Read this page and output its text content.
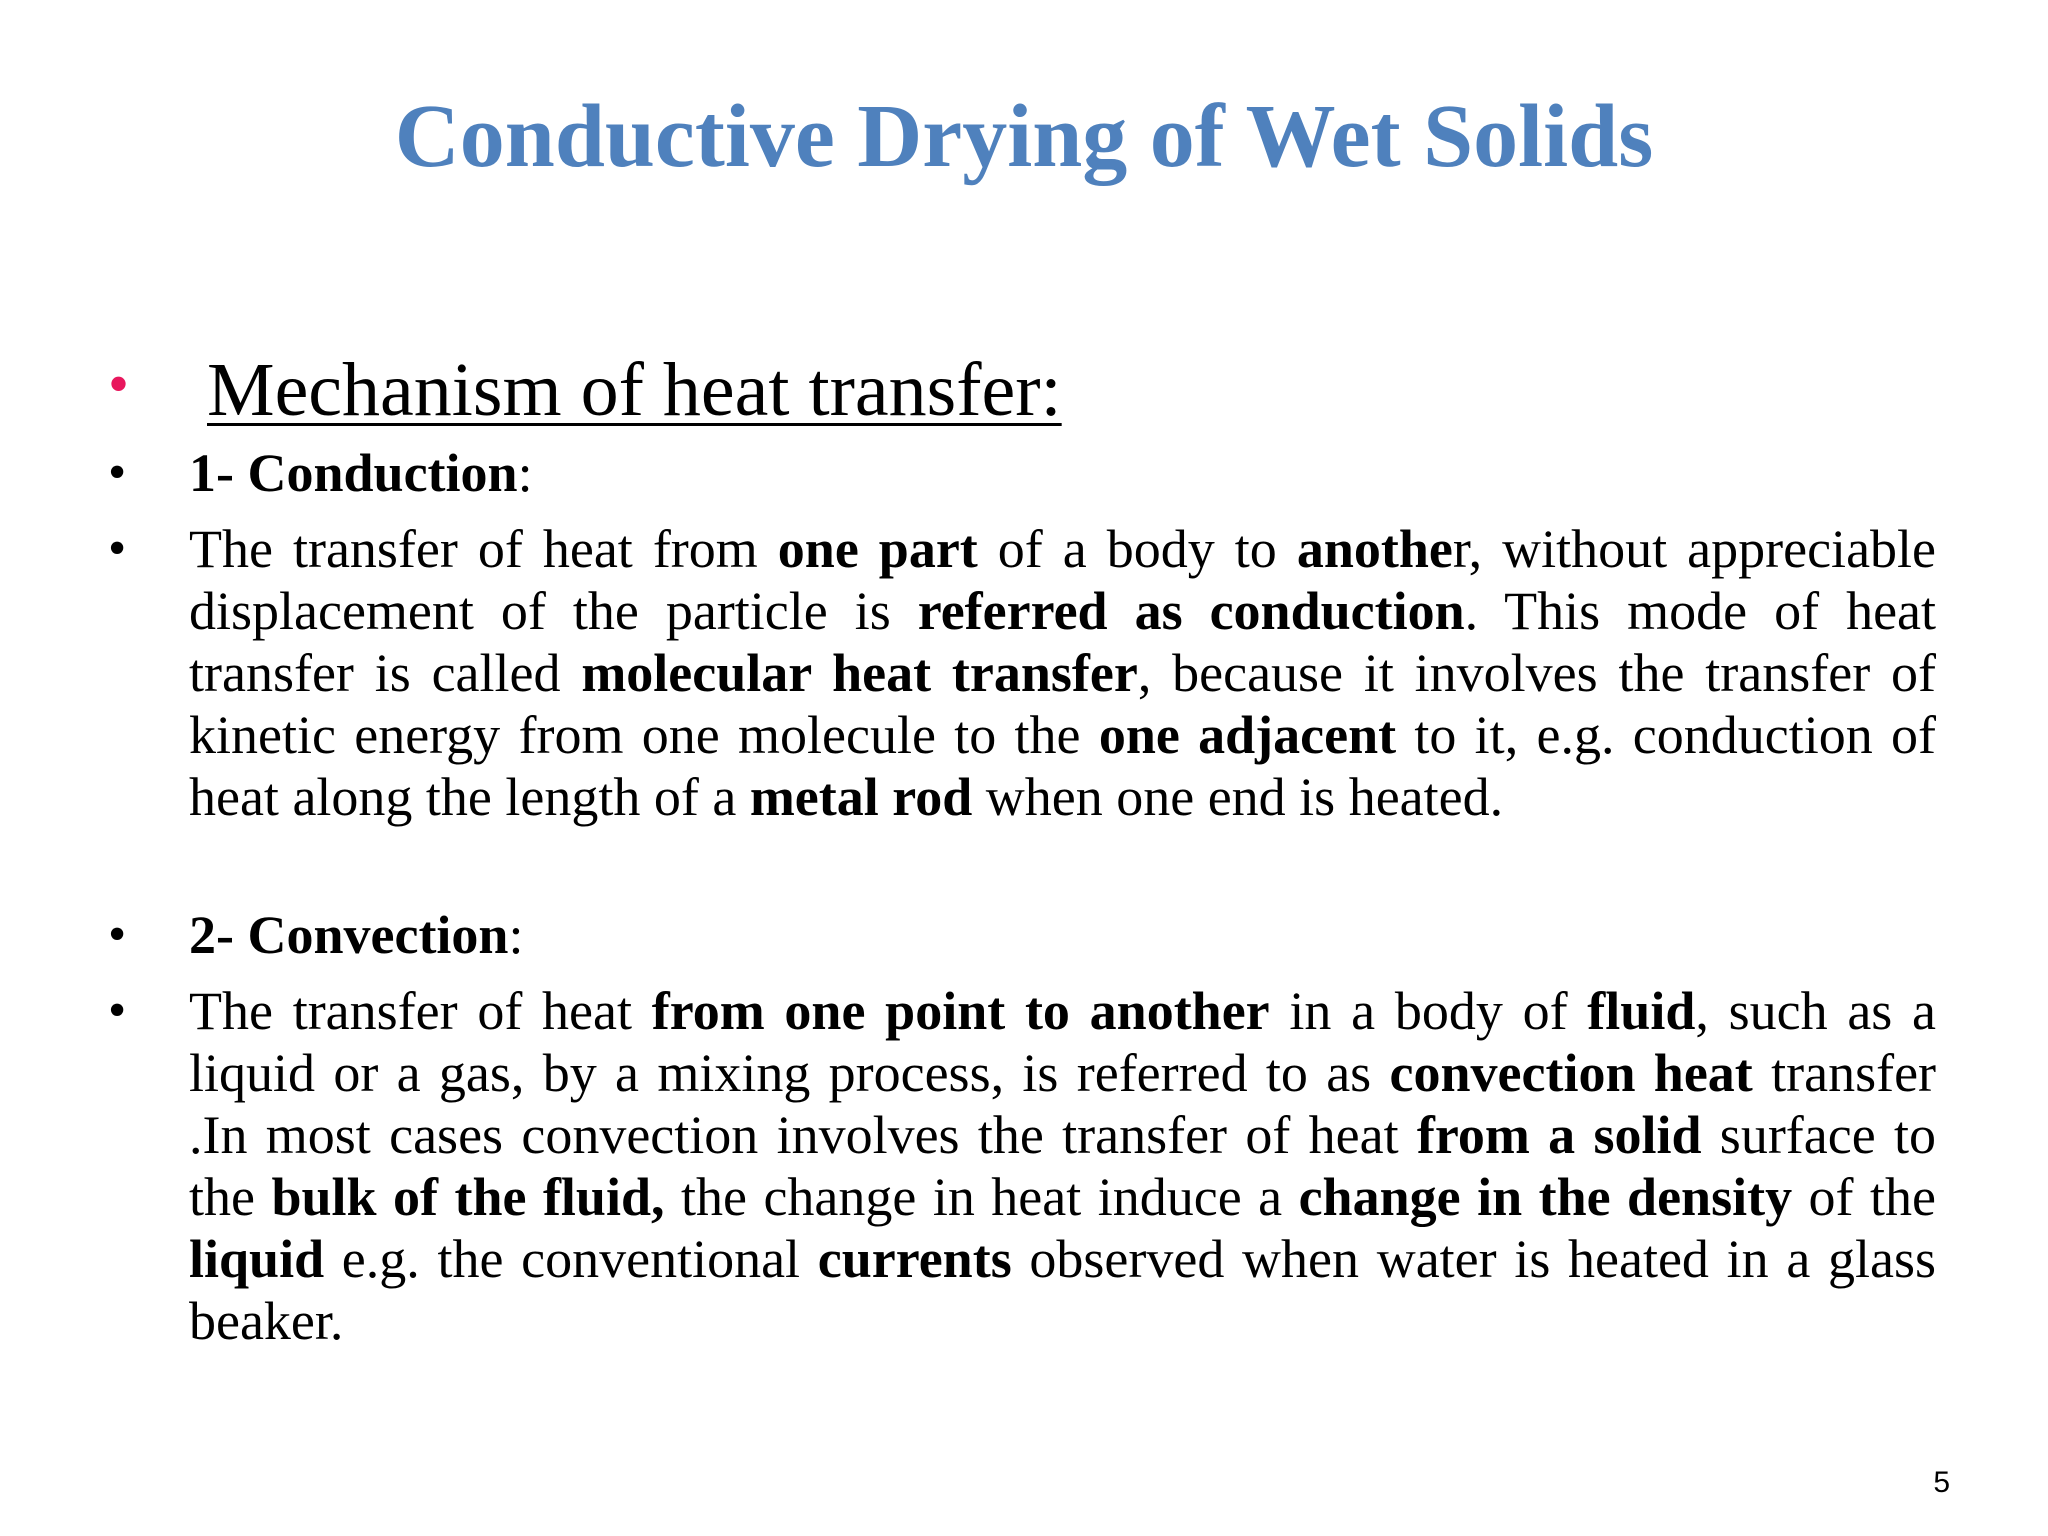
Conductive Drying of Wet Solids
• Mechanism of heat transfer:
• 1- Conduction:
• The transfer of heat from one part of a body to another, without appreciable displacement of the particle is referred as conduction. This mode of heat transfer is called molecular heat transfer, because it involves the transfer of kinetic energy from one molecule to the one adjacent to it, e.g. conduction of heat along the length of a metal rod when one end is heated.
• 2- Convection:
• The transfer of heat from one point to another in a body of fluid, such as a liquid or a gas, by a mixing process, is referred to as convection heat transfer .In most cases convection involves the transfer of heat from a solid surface to the bulk of the fluid, the change in heat induce a change in the density of the liquid e.g. the conventional currents observed when water is heated in a glass beaker.
5
